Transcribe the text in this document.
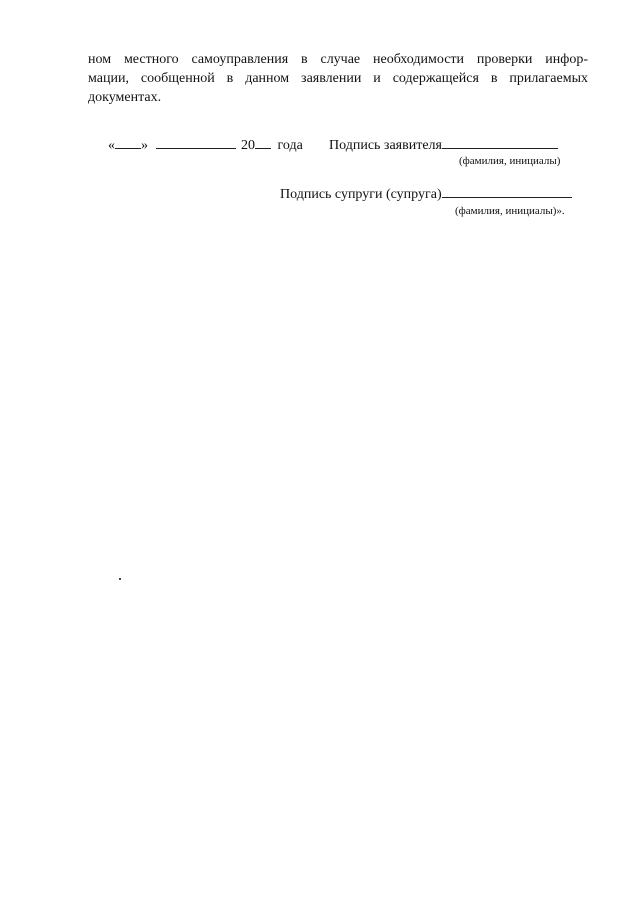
ном местного самоуправления в случае необходимости проверки инфор-
мации, сообщенной в данном заявлении и содержащейся в прилагаемых
документах.
« »	20 года Подпись заявителя
(фамилия, инициалы)
Подпись супруги (супруга)
(фамилия, инициалы)».
